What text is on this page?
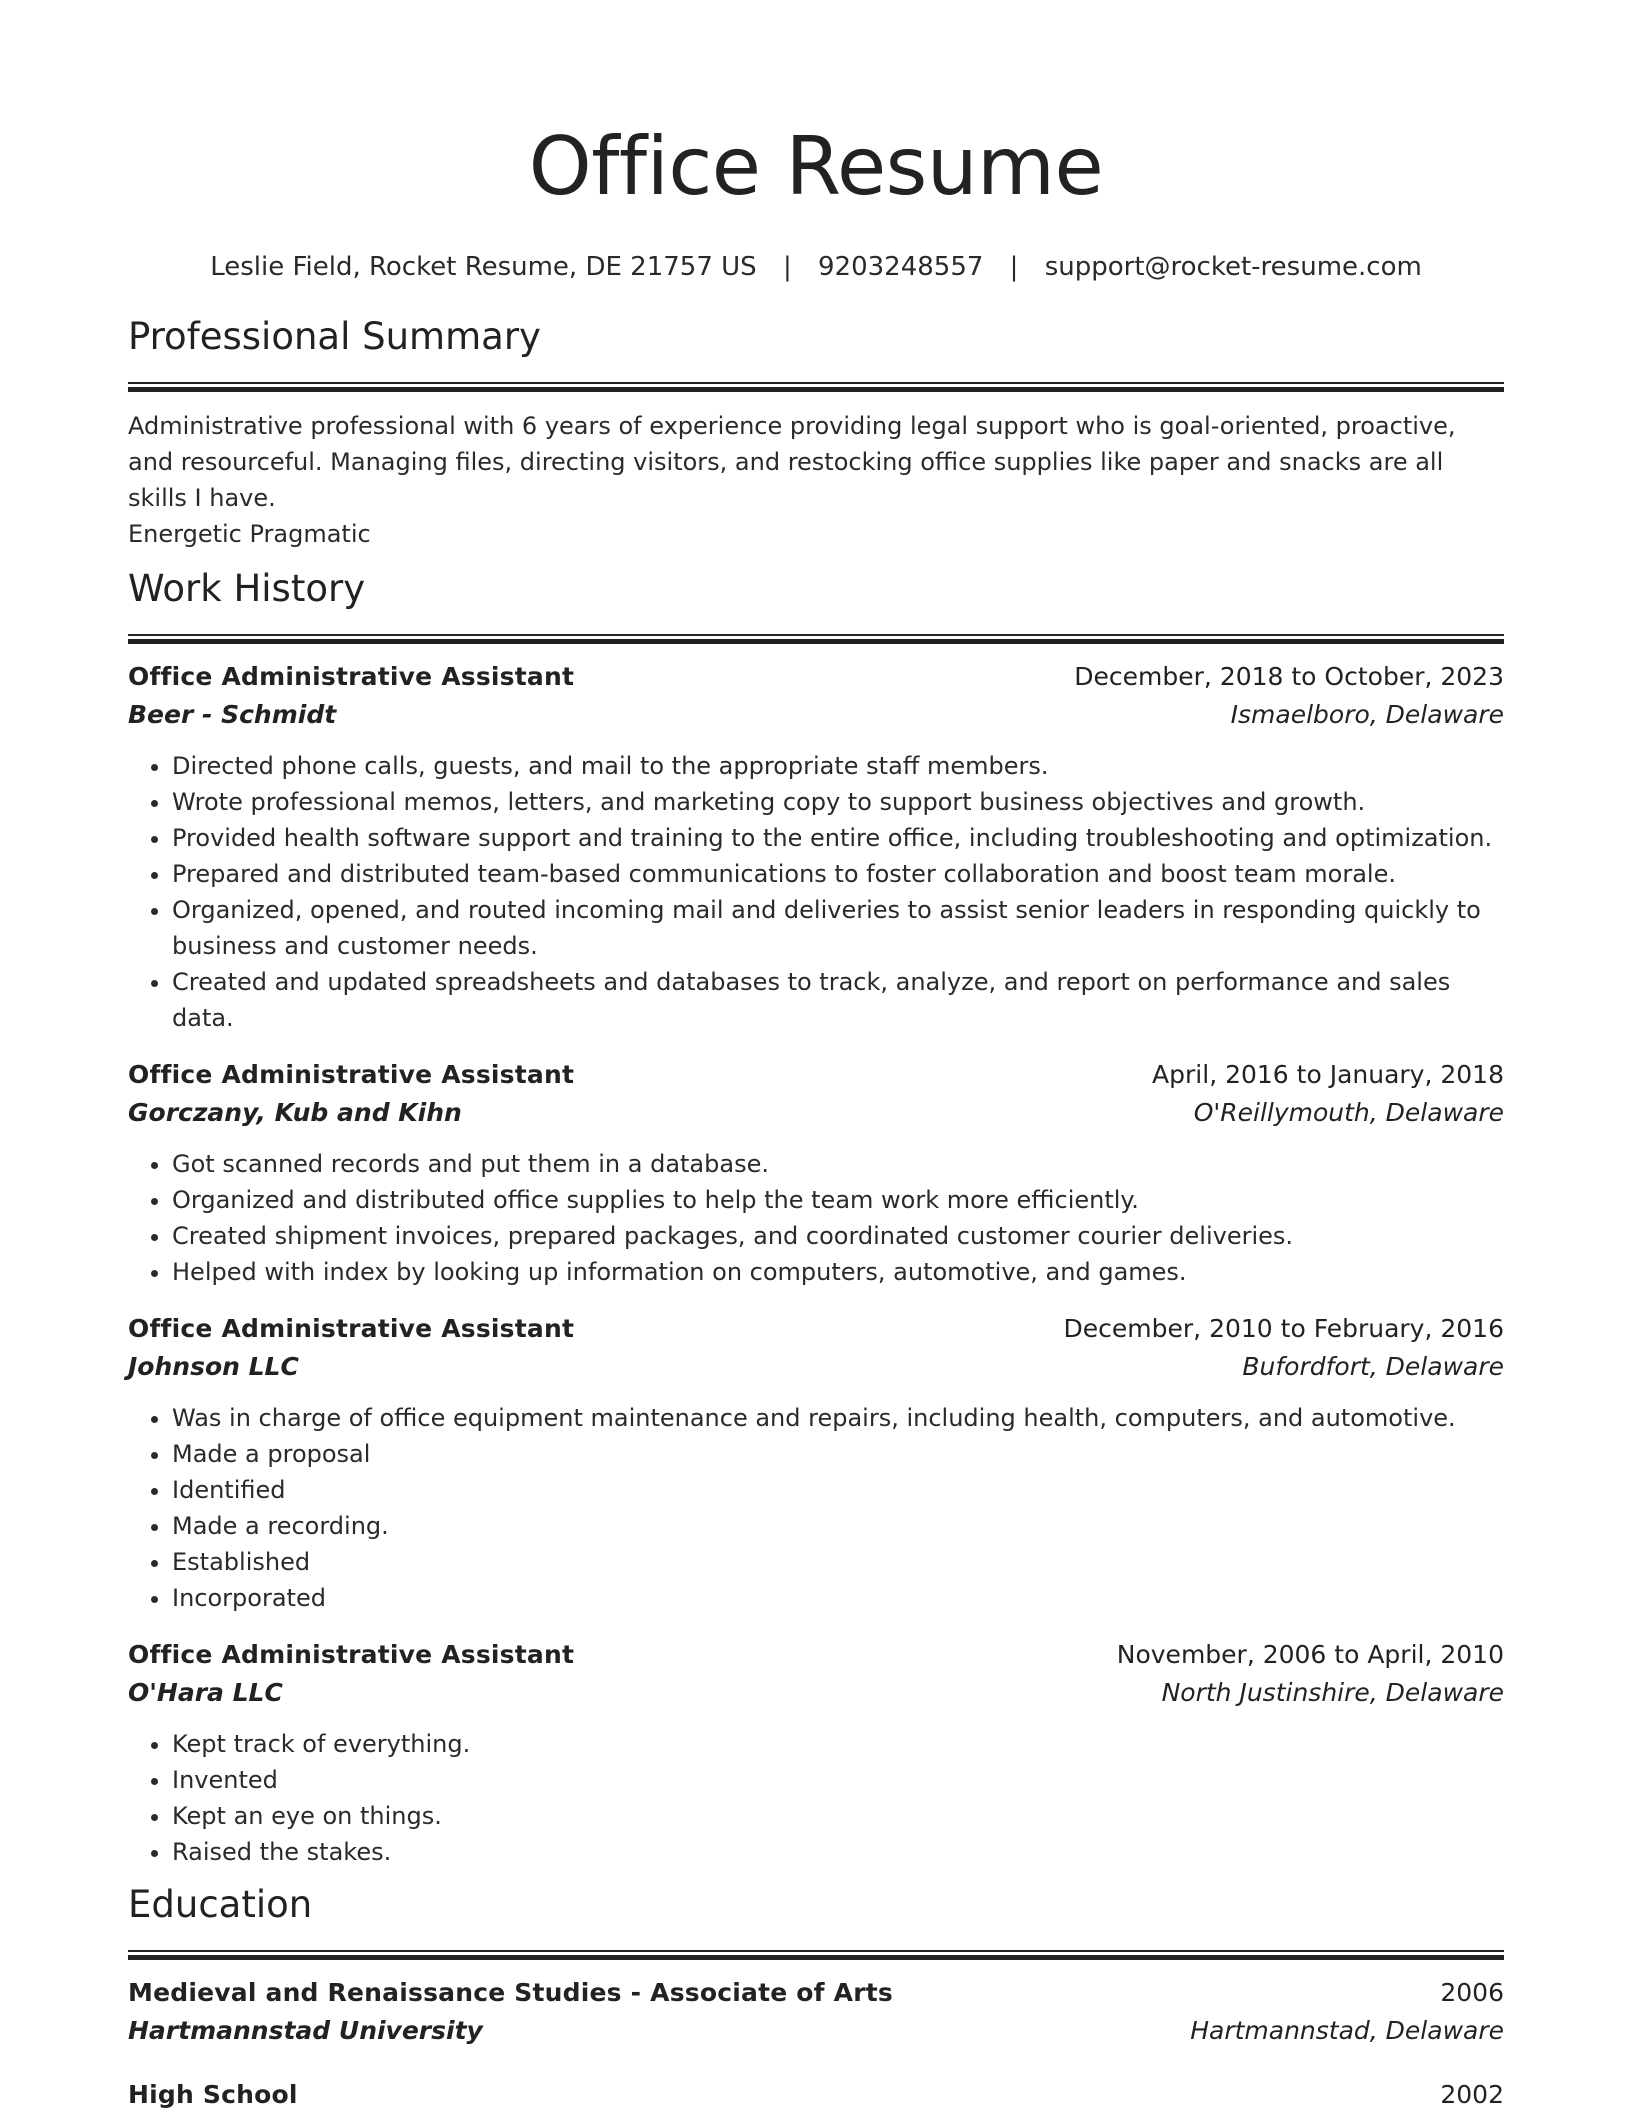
Office Resume
Leslie Field, Rocket Resume, DE 21757 US | 9203248557 | support@rocket-resume.com
Professional Summary
Administrative professional with 6 years of experience providing legal support who is goal-oriented, proactive, and resourceful. Managing files, directing visitors, and restocking office supplies like paper and snacks are all skills I have.
Energetic Pragmatic
Work History
Office Administrative Assistant	December, 2018 to October, 2023
Beer - Schmidt	Ismaelboro, Delaware
• Directed phone calls, guests, and mail to the appropriate staff members.
• Wrote professional memos, letters, and marketing copy to support business objectives and growth.
• Provided health software support and training to the entire office, including troubleshooting and optimization.
• Prepared and distributed team-based communications to foster collaboration and boost team morale.
• Organized, opened, and routed incoming mail and deliveries to assist senior leaders in responding quickly to business and customer needs.
• Created and updated spreadsheets and databases to track, analyze, and report on performance and sales data.
Office Administrative Assistant	April, 2016 to January, 2018
Gorczany, Kub and Kihn	O'Reillymouth, Delaware
• Got scanned records and put them in a database.
• Organized and distributed office supplies to help the team work more efficiently.
• Created shipment invoices, prepared packages, and coordinated customer courier deliveries.
• Helped with index by looking up information on computers, automotive, and games.
Office Administrative Assistant	December, 2010 to February, 2016
Johnson LLC	Bufordfort, Delaware
• Was in charge of office equipment maintenance and repairs, including health, computers, and automotive.
• Made a proposal
• Identified
• Made a recording.
• Established
• Incorporated
Office Administrative Assistant	November, 2006 to April, 2010
O'Hara LLC	North Justinshire, Delaware
• Kept track of everything.
• Invented
• Kept an eye on things.
• Raised the stakes.
Education
Medieval and Renaissance Studies - Associate of Arts	2006
Hartmannstad University	Hartmannstad, Delaware
High School	2002
